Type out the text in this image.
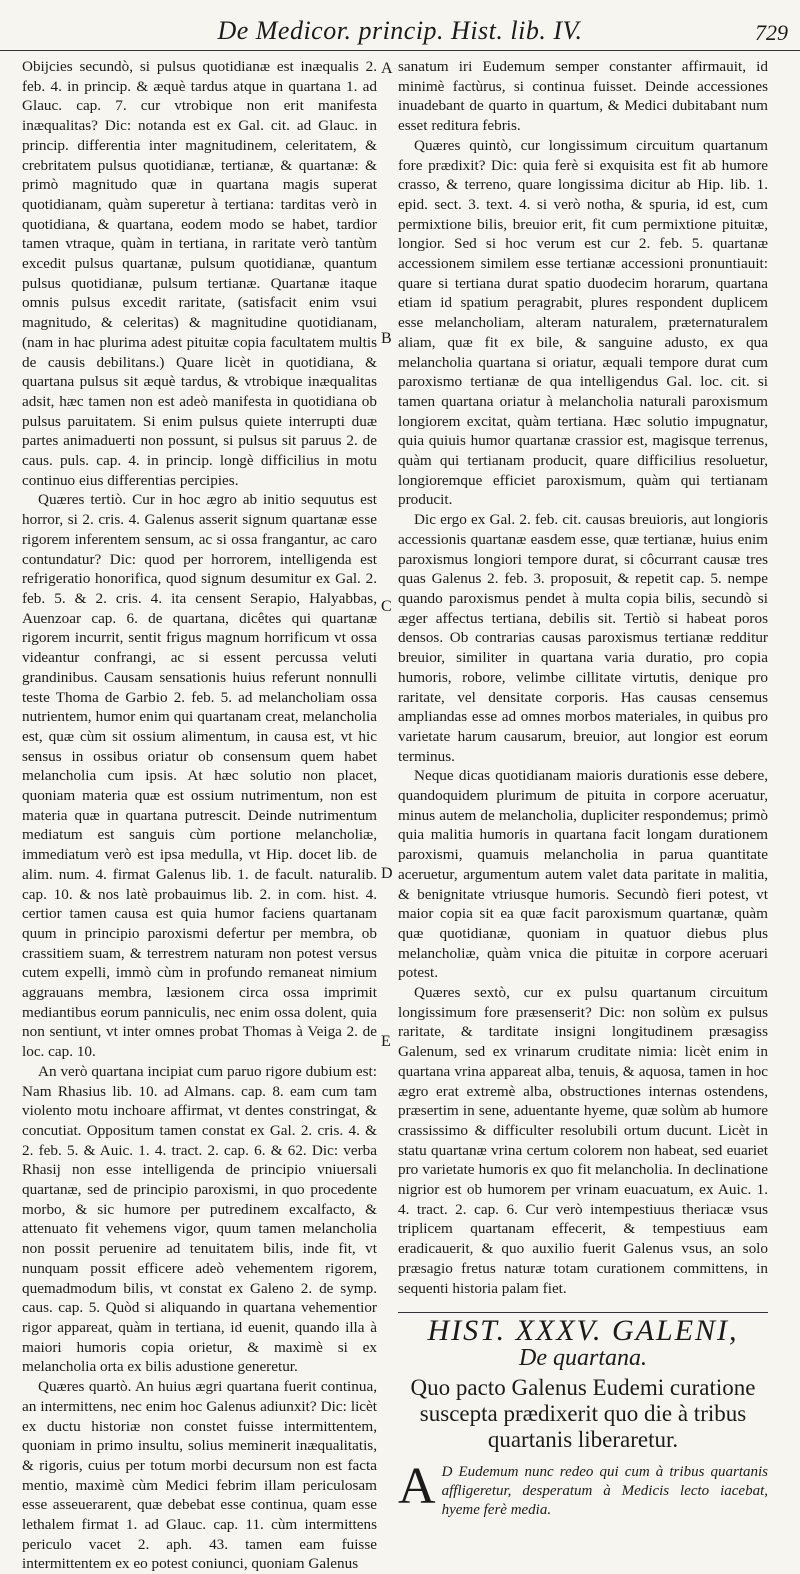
De Medicor. princip. Hist. lib. IV.	729

Obijcies secundò, si pulsus quotidianæ est inæqualis 2. feb. 4. in princip. & æquè tardus atque in quartana 1. ad Glauc. cap. 7. cur vtrobique non erit manifesta inæqualitas? Dic: notanda est ex Gal. cit. ad Glauc. in princip. differentia inter magnitudinem, celeritatem, & crebritatem pulsus quotidianæ, tertianæ, & quartanæ: & primò magnitudo quæ in quartana magis superat quotidianam, quàm superetur à tertiana: tarditas verò in quotidiana, & quartana, eodem modo se habet, tardior tamen vtraque, quàm in tertiana, in raritate verò tantùm excedit pulsus quartanæ, pulsum quotidianæ, quantum pulsus quotidianæ, pulsum tertianæ. Quartanæ itaque omnis pulsus excedit raritate, (satisfacit enim vsui magnitudo, & celeritas) & magnitudine quotidianam, (nam in hac plurima adest pituitæ copia facultatem multis de causis debilitans.) Quare licèt in quotidiana, & quartana pulsus sit æquè tardus, & vtrobique inæqualitas adsit, hæc tamen non est adeò manifesta in quotidiana ob pulsus paruitatem. Si enim pulsus quiete interrupti duæ partes animaduerti non possunt, si pulsus sit paruus 2. de caus. puls. cap. 4. in princip. longè difficilius in motu continuo eius differentias percipies.

Quæres tertiò. Cur in hoc ægro ab initio sequutus est horror, si 2. cris. 4. Galenus asserit signum quartanæ esse rigorem inferentem sensum, ac si ossa frangantur, ac caro contundatur? Dic: quod per horrorem, intelligenda est refrigeratio honorifica, quod signum desumitur ex Gal. 2. feb. 5. & 2. cris. 4. ita censent Serapio, Halyabbas, Auenzoar cap. 6. de quartana, dicêtes qui quartanæ rigorem incurrit, sentit frigus magnum horrificum vt ossa videantur confrangi, ac si essent percussa veluti grandinibus. Causam sensationis huius referunt nonnulli teste Thoma de Garbio 2. feb. 5. ad melancholiam ossa nutrientem, humor enim qui quartanam creat, melancholia est, quæ cùm sit ossium alimentum, in causa est, vt hic sensus in ossibus oriatur ob consensum quem habet melancholia cum ipsis. At hæc solutio non placet, quoniam materia quæ est ossium nutrimentum, non est materia quæ in quartana putrescit. Deinde nutrimentum mediatum est sanguis cùm portione melancholiæ, immediatum verò est ipsa medulla, vt Hip. docet lib. de alim. num. 4. firmat Galenus lib. 1. de facult. naturalib. cap. 10. & nos latè probauimus lib. 2. in com. hist. 4. certior tamen causa est quia humor faciens quartanam quum in principio paroxismi defertur per membra, ob crassitiem suam, & terrestrem naturam non potest versus cutem expelli, immò cùm in profundo remaneat nimium aggrauans membra, læsionem circa ossa imprimit mediantibus eorum panniculis, nec enim ossa dolent, quia non sentiunt, vt inter omnes probat Thomas à Veiga 2. de loc. cap. 10.

An verò quartana incipiat cum paruo rigore dubium est: Nam Rhasius lib. 10. ad Almans. cap. 8. eam cum tam violento motu inchoare affirmat, vt dentes constringat, & concutiat. Oppositum tamen constat ex Gal. 2. cris. 4. & 2. feb. 5. & Auic. 1. 4. tract. 2. cap. 6. & 62. Dic: verba Rhasij non esse intelligenda de principio vniuersali quartanæ, sed de principio paroxismi, in quo procedente morbo, & sic humore per putredinem excalfacto, & attenuato fit vehemens vigor, quum tamen melancholia non possit peruenire ad tenuitatem bilis, inde fit, vt nunquam possit efficere adeò vehementem rigorem, quemadmodum bilis, vt constat ex Galeno 2. de symp. caus. cap. 5. Quòd si aliquando in quartana vehementior rigor appareat, quàm in tertiana, id euenit, quando illa à maiori humoris copia orietur, & maximè si ex melancholia orta ex bilis adustione generetur.

Quæres quartò. An huius ægri quartana fuerit continua, an intermittens, nec enim hoc Galenus adiunxit? Dic: licèt ex ductu historiæ non constet fuisse intermittentem, quoniam in primo insultu, solius meminerit inæqualitatis, & rigoris, cuius per totum morbi decursum non est facta mentio, maximè cùm Medici febrim illam periculosam esse asseuerarent, quæ debebat esse continua, quam esse lethalem firmat 1. ad Glauc. cap. 11. cùm intermittens periculo vacet 2. aph. 43. tamen eam fuisse intermittentem ex eo potest coniunci, quoniam Galenus

A
B
C
D
E

sanatum iri Eudemum semper constanter affirmauit, id minimè factùrus, si continua fuisset. Deinde accessiones inuadebant de quarto in quartum, & Medici dubitabant num esset reditura febris.

Quæres quintò, cur longissimum circuitum quartanum fore prædixit? Dic: quia ferè si exquisita est fit ab humore crasso, & terreno, quare longissima dicitur ab Hip. lib. 1. epid. sect. 3. text. 4. si verò notha, & spuria, id est, cum permixtione bilis, breuior erit, fit cum permixtione pituitæ, longior. Sed si hoc verum est cur 2. feb. 5. quartanæ accessionem similem esse tertianæ accessioni pronuntiauit: quare si tertiana durat spatio duodecim horarum, quartana etiam id spatium peragrabit, plures respondent duplicem esse melancholiam, alteram naturalem, præternaturalem aliam, quæ fit ex bile, & sanguine adusto, ex qua melancholia quartana si oriatur, æquali tempore durat cum paroxismo tertianæ de qua intelligendus Gal. loc. cit. si tamen quartana oriatur à melancholia naturali paroxismum longiorem excitat, quàm tertiana. Hæc solutio impugnatur, quia quiuis humor quartanæ crassior est, magisque terrenus, quàm qui tertianam producit, quare difficilius resoluetur, longioremque efficiet paroxismum, quàm qui tertianam producit.

Dic ergo ex Gal. 2. feb. cit. causas breuioris, aut longioris accessionis quartanæ easdem esse, quæ tertianæ, huius enim paroxismus longiori tempore durat, si côcurrant causæ tres quas Galenus 2. feb. 3. proposuit, & repetit cap. 5. nempe quando paroxismus pendet à multa copia bilis, secundò si æger affectus tertiana, debilis sit. Tertiò si habeat poros densos. Ob contrarias causas paroxismus tertianæ redditur breuior, similiter in quartana varia duratio, pro copia humoris, robore, velimbe cillitate virtutis, denique pro raritate, vel densitate corporis. Has causas censemus ampliandas esse ad omnes morbos materiales, in quibus pro varietate harum causarum, breuior, aut longior est eorum terminus.

Neque dicas quotidianam maioris durationis esse debere, quandoquidem plurimum de pituita in corpore aceruatur, minus autem de melancholia, dupliciter respondemus; primò quia malitia humoris in quartana facit longam durationem paroxismi, quamuis melancholia in parua quantitate aceruetur, argumentum autem valet data paritate in malitia, & benignitate vtriusque humoris. Secundò fieri potest, vt maior copia sit ea quæ facit paroxismum quartanæ, quàm quæ quotidianæ, quoniam in quatuor diebus plus melancholiæ, quàm vnica die pituitæ in corpore aceruari potest.

Quæres sextò, cur ex pulsu quartanum circuitum longissimum fore præsenserit? Dic: non solùm ex pulsus raritate, & tarditate insigni longitudinem præsagiss Galenum, sed ex vrinarum cruditate nimia: licèt enim in quartana vrina appareat alba, tenuis, & aquosa, tamen in hoc ægro erat extremè alba, obstructiones internas ostendens, præsertim in sene, aduentante hyeme, quæ solùm ab humore crassissimo & difficulter resolubili ortum ducunt. Licèt in statu quartanæ vrina certum colorem non habeat, sed euariet pro varietate humoris ex quo fit melancholia. In declinatione nigrior est ob humorem per vrinam euacuatum, ex Auic. 1. 4. tract. 2. cap. 6. Cur verò intempestiuus theriacæ vsus triplicem quartanam effecerit, & tempestiuus eam eradicauerit, & quo auxilio fuerit Galenus vsus, an solo præsagio fretus naturæ totam curationem committens, in sequenti historia palam fiet.

HIST. XXXV. GALENI,
De quartana.
Quo pacto Galenus Eudemi curatione suscepta prædixerit quo die à tribus quartanis liberaretur.
A D Eudemum nunc redeo qui cum à tribus quartanis affligeretur, desperatum à Medicis lecto iacebat, hyeme ferè media.
